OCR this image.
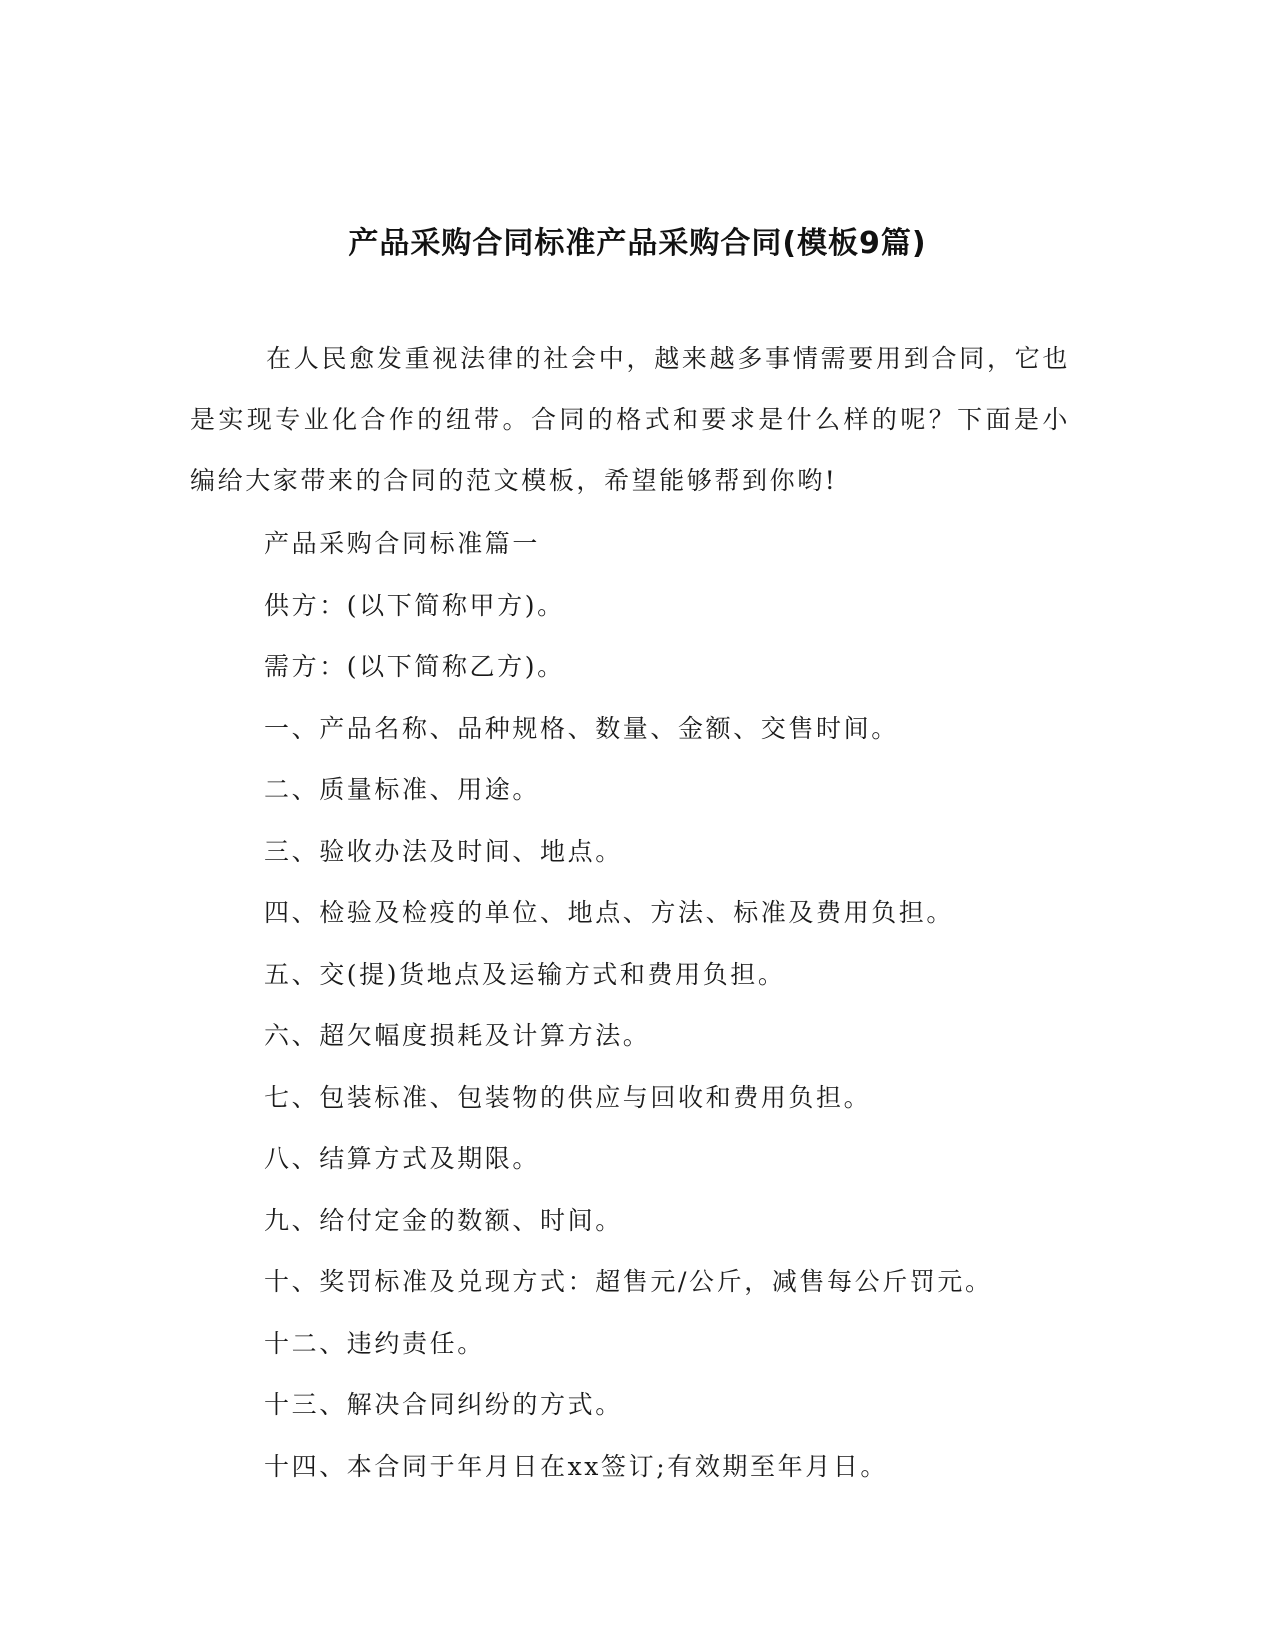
产品采购合同标准产品采购合同(模板9篇)

在人民愈发重视法律的社会中，越来越多事情需要用到合同，它也是实现专业化合作的纽带。合同的格式和要求是什么样的呢？下面是小编给大家带来的合同的范文模板，希望能够帮到你哟!

产品采购合同标准篇一
供方：(以下简称甲方)。
需方：(以下简称乙方)。
一、产品名称、品种规格、数量、金额、交售时间。
二、质量标准、用途。
三、验收办法及时间、地点。
四、检验及检疫的单位、地点、方法、标准及费用负担。
五、交(提)货地点及运输方式和费用负担。
六、超欠幅度损耗及计算方法。
七、包装标准、包装物的供应与回收和费用负担。
八、结算方式及期限。
九、给付定金的数额、时间。
十、奖罚标准及兑现方式：超售元/公斤，减售每公斤罚元。
十二、违约责任。
十三、解决合同纠纷的方式。
十四、本合同于年月日在xx签订;有效期至年月日。
